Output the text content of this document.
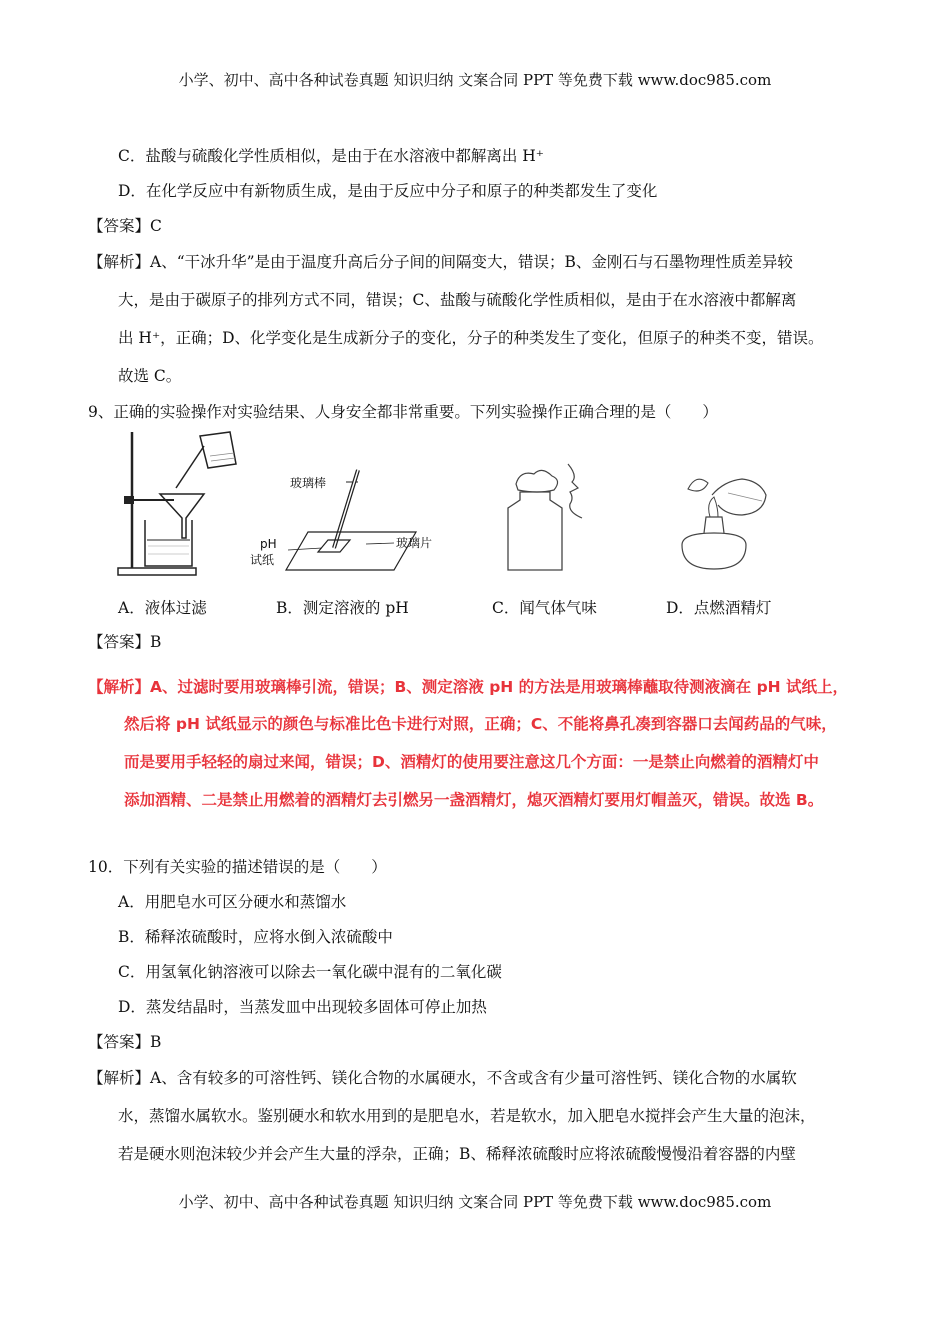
小学、初中、高中各种试卷真题 知识归纳 文案合同 PPT 等免费下载 www.doc985.com
C．盐酸与硫酸化学性质相似，是由于在水溶液中都解离出 H⁺
D．在化学反应中有新物质生成，是由于反应中分子和原子的种类都发生了变化
【答案】C
【解析】A、“干冰升华”是由于温度升高后分子间的间隔变大，错误；B、金刚石与石墨物理性质差异较
大，是由于碳原子的排列方式不同，错误；C、盐酸与硫酸化学性质相似，是由于在水溶液中都解离
出 H⁺，正确；D、化学变化是生成新分子的变化，分子的种类发生了变化，但原子的种类不变，错误。
故选 C。
9、正确的实验操作对实验结果、人身安全都非常重要。下列实验操作正确合理的是（　　）
玻璃棒
pH
试纸
玻璃片
A．液体过滤	B．测定溶液的 pH	C．闻气体气味	D．点燃酒精灯
【答案】B
【解析】A、过滤时要用玻璃棒引流，错误；B、测定溶液 pH 的方法是用玻璃棒蘸取待测液滴在 pH 试纸上，
然后将 pH 试纸显示的颜色与标准比色卡进行对照，正确；C、不能将鼻孔凑到容器口去闻药品的气味，
而是要用手轻轻的扇过来闻，错误；D、酒精灯的使用要注意这几个方面：一是禁止向燃着的酒精灯中
添加酒精、二是禁止用燃着的酒精灯去引燃另一盏酒精灯，熄灭酒精灯要用灯帽盖灭，错误。故选 B。
10．下列有关实验的描述错误的是（　　）
A．用肥皂水可区分硬水和蒸馏水
B．稀释浓硫酸时，应将水倒入浓硫酸中
C．用氢氧化钠溶液可以除去一氧化碳中混有的二氧化碳
D．蒸发结晶时，当蒸发皿中出现较多固体可停止加热
【答案】B
【解析】A、含有较多的可溶性钙、镁化合物的水属硬水，不含或含有少量可溶性钙、镁化合物的水属软
水，蒸馏水属软水。鉴别硬水和软水用到的是肥皂水，若是软水，加入肥皂水搅拌会产生大量的泡沫，
若是硬水则泡沫较少并会产生大量的浮杂，正确；B、稀释浓硫酸时应将浓硫酸慢慢沿着容器的内壁
小学、初中、高中各种试卷真题 知识归纳 文案合同 PPT 等免费下载 www.doc985.com
